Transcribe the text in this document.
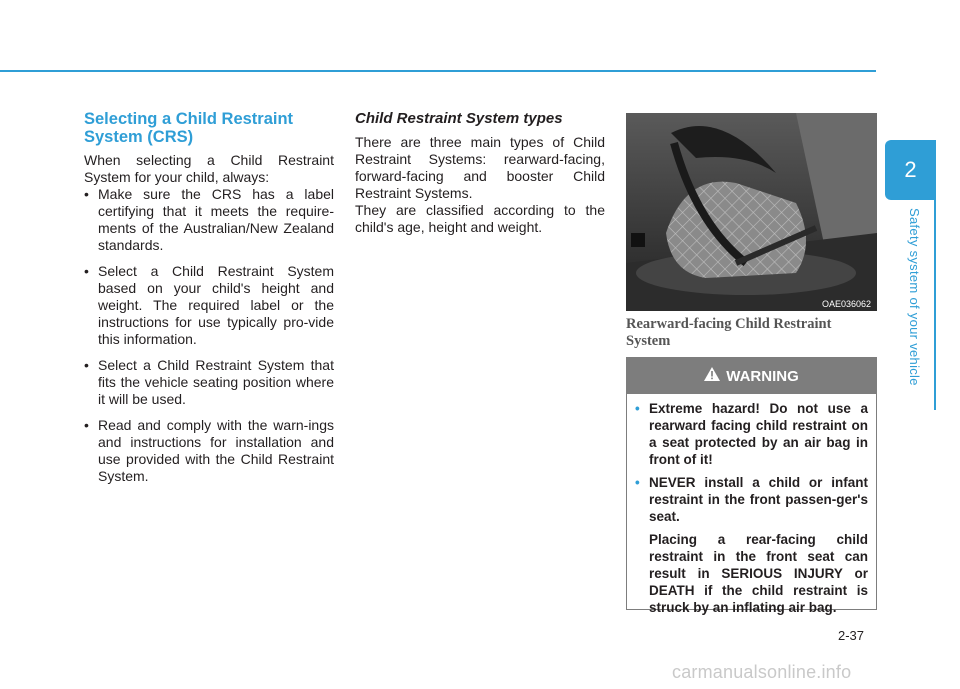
Selecting a Child Restraint System (CRS)

When selecting a Child Restraint System for your child, always:

• Make sure the CRS has a label certifying that it meets the require-ments of the Australian/New Zealand standards.
• Select a Child Restraint System based on your child's height and weight. The required label or the instructions for use typically pro-vide this information.
• Select a Child Restraint System that fits the vehicle seating position where it will be used.
• Read and comply with the warn-ings and instructions for installation and use provided with the Child Restraint System.
Child Restraint System types

There are three main types of Child Restraint Systems: rearward-facing, forward-facing and booster Child Restraint Systems.

They are classified according to the child's age, height and weight.

OAE036062
Rearward-facing Child Restraint System
WARNING
• Extreme hazard! Do not use a rearward facing child restraint on a seat protected by an air bag in front of it!
• NEVER install a child or infant restraint in the front passen-ger's seat.
Placing a rear-facing child restraint in the front seat can result in SERIOUS INJURY or DEATH if the child restraint is struck by an inflating air bag.
2
Safety system of your vehicle
2-37
carmanualsonline.info
